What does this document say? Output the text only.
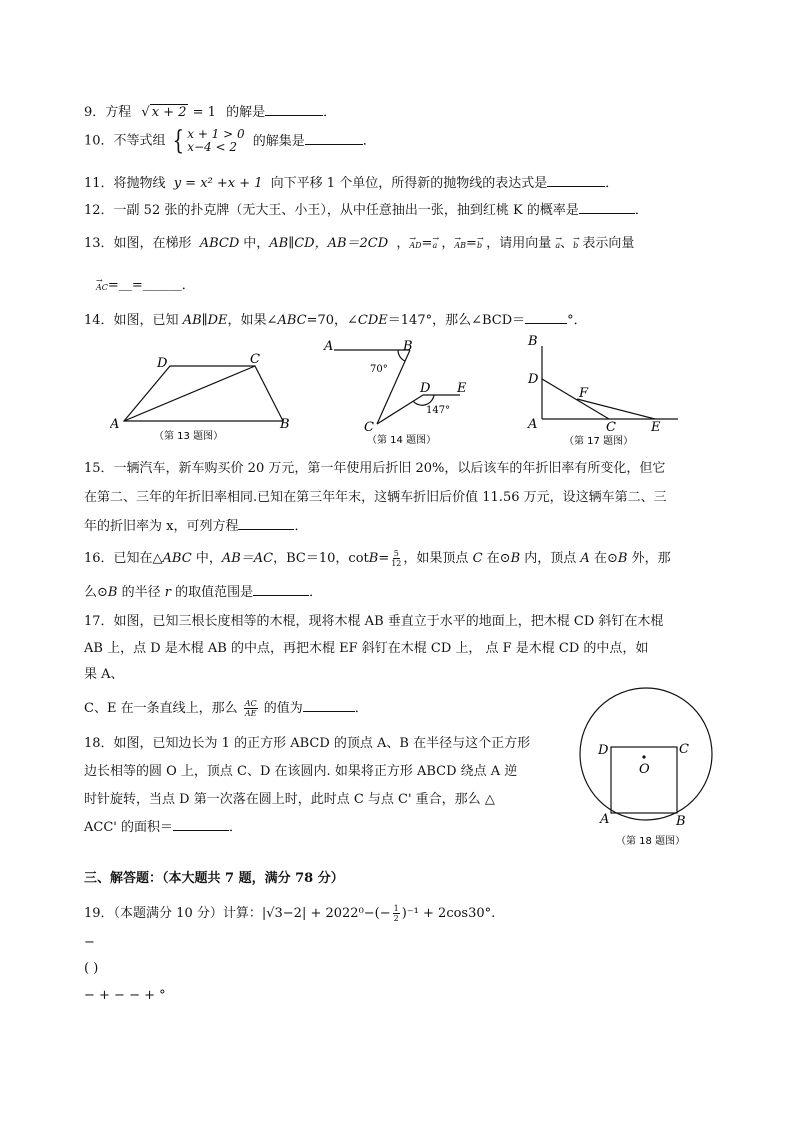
9．方程 √ x + 2 = 1 的解是	．
10．不等式组 { x + 1 > 0
x−4 < 2	的解集是	．
11．将抛物线 y = x² +x + 1 向下平移 1 个单位，所得新的抛物线的表达式是	．
12．一副 52 张的扑克牌（无大王、小王），从中任意抽出一张，抽到红桃 K 的概率是	．
13．如图，在梯形 ABCD 中，AB∥CD，AB＝2CD ，→ AD=→ a ，→ AB=→ b ，请用向量 → a、→ b 表示向量
→ AC=＿=＿＿＿．
14．如图，已知 AB∥DE，如果∠ABC=70，∠CDE＝147°，那么∠BCD＝	°．
A	B
C
D
（第 13 题图）
A	B
C
D E
70°
147°
（第 14 题图）
B
D
A
F
C	E
（第 17 题图）
15．一辆汽车，新车购买价 20 万元，第一年使用后折旧 20%，以后该车的年折旧率有所变化，但它
在第二、三年的年折旧率相同.已知在第三年年末，这辆车折旧后价值 11.56 万元，设这辆车第二、三
年的折旧率为 x，可列方程	．
16．已知在△ABC 中，AB＝AC，BC＝10，$\cot B= \frac{5}{12}$ ，如果顶点 C 在⊙B 内，顶点 A 在⊙B 外，那
么⊙B 的半径 r 的取值范围是	．
17．如图，已知三根长度相等的木棍，现将木棍 AB 垂直立于水平的地面上，把木棍 CD 斜钉在木棍
AB 上，点 D 是木棍 AB 的中点，再把木棍 EF 斜钉在木棍 CD 上， 点 F 是木棍 CD 的中点，如
果 A、
C、E 在一条直线上，那么 $\frac{AC}{AE}$ 的值为	．
18．如图，已知边长为 1 的正方形 ABCD 的顶点 A、B 在半径与这个正方形
边长相等的圆 O 上，顶点 C、D 在该圆内. 如果将正方形 ABCD 绕点 A 逆
时针旋转，当点 D 第一次落在圆上时，此时点 C 与点 C' 重合，那么 △
ACC' 的面积＝	．
O
D	C
A	B
（第 18 题图）
三、解答题：（本大题共 7 题，满分 78 分）
19．（本题满分 10 分）计算：$|√3-2| + 2022^0-(- \frac{1}{2} )^{-1} + 2\cos 30^\circ$.
−
( )
− + − − + °
